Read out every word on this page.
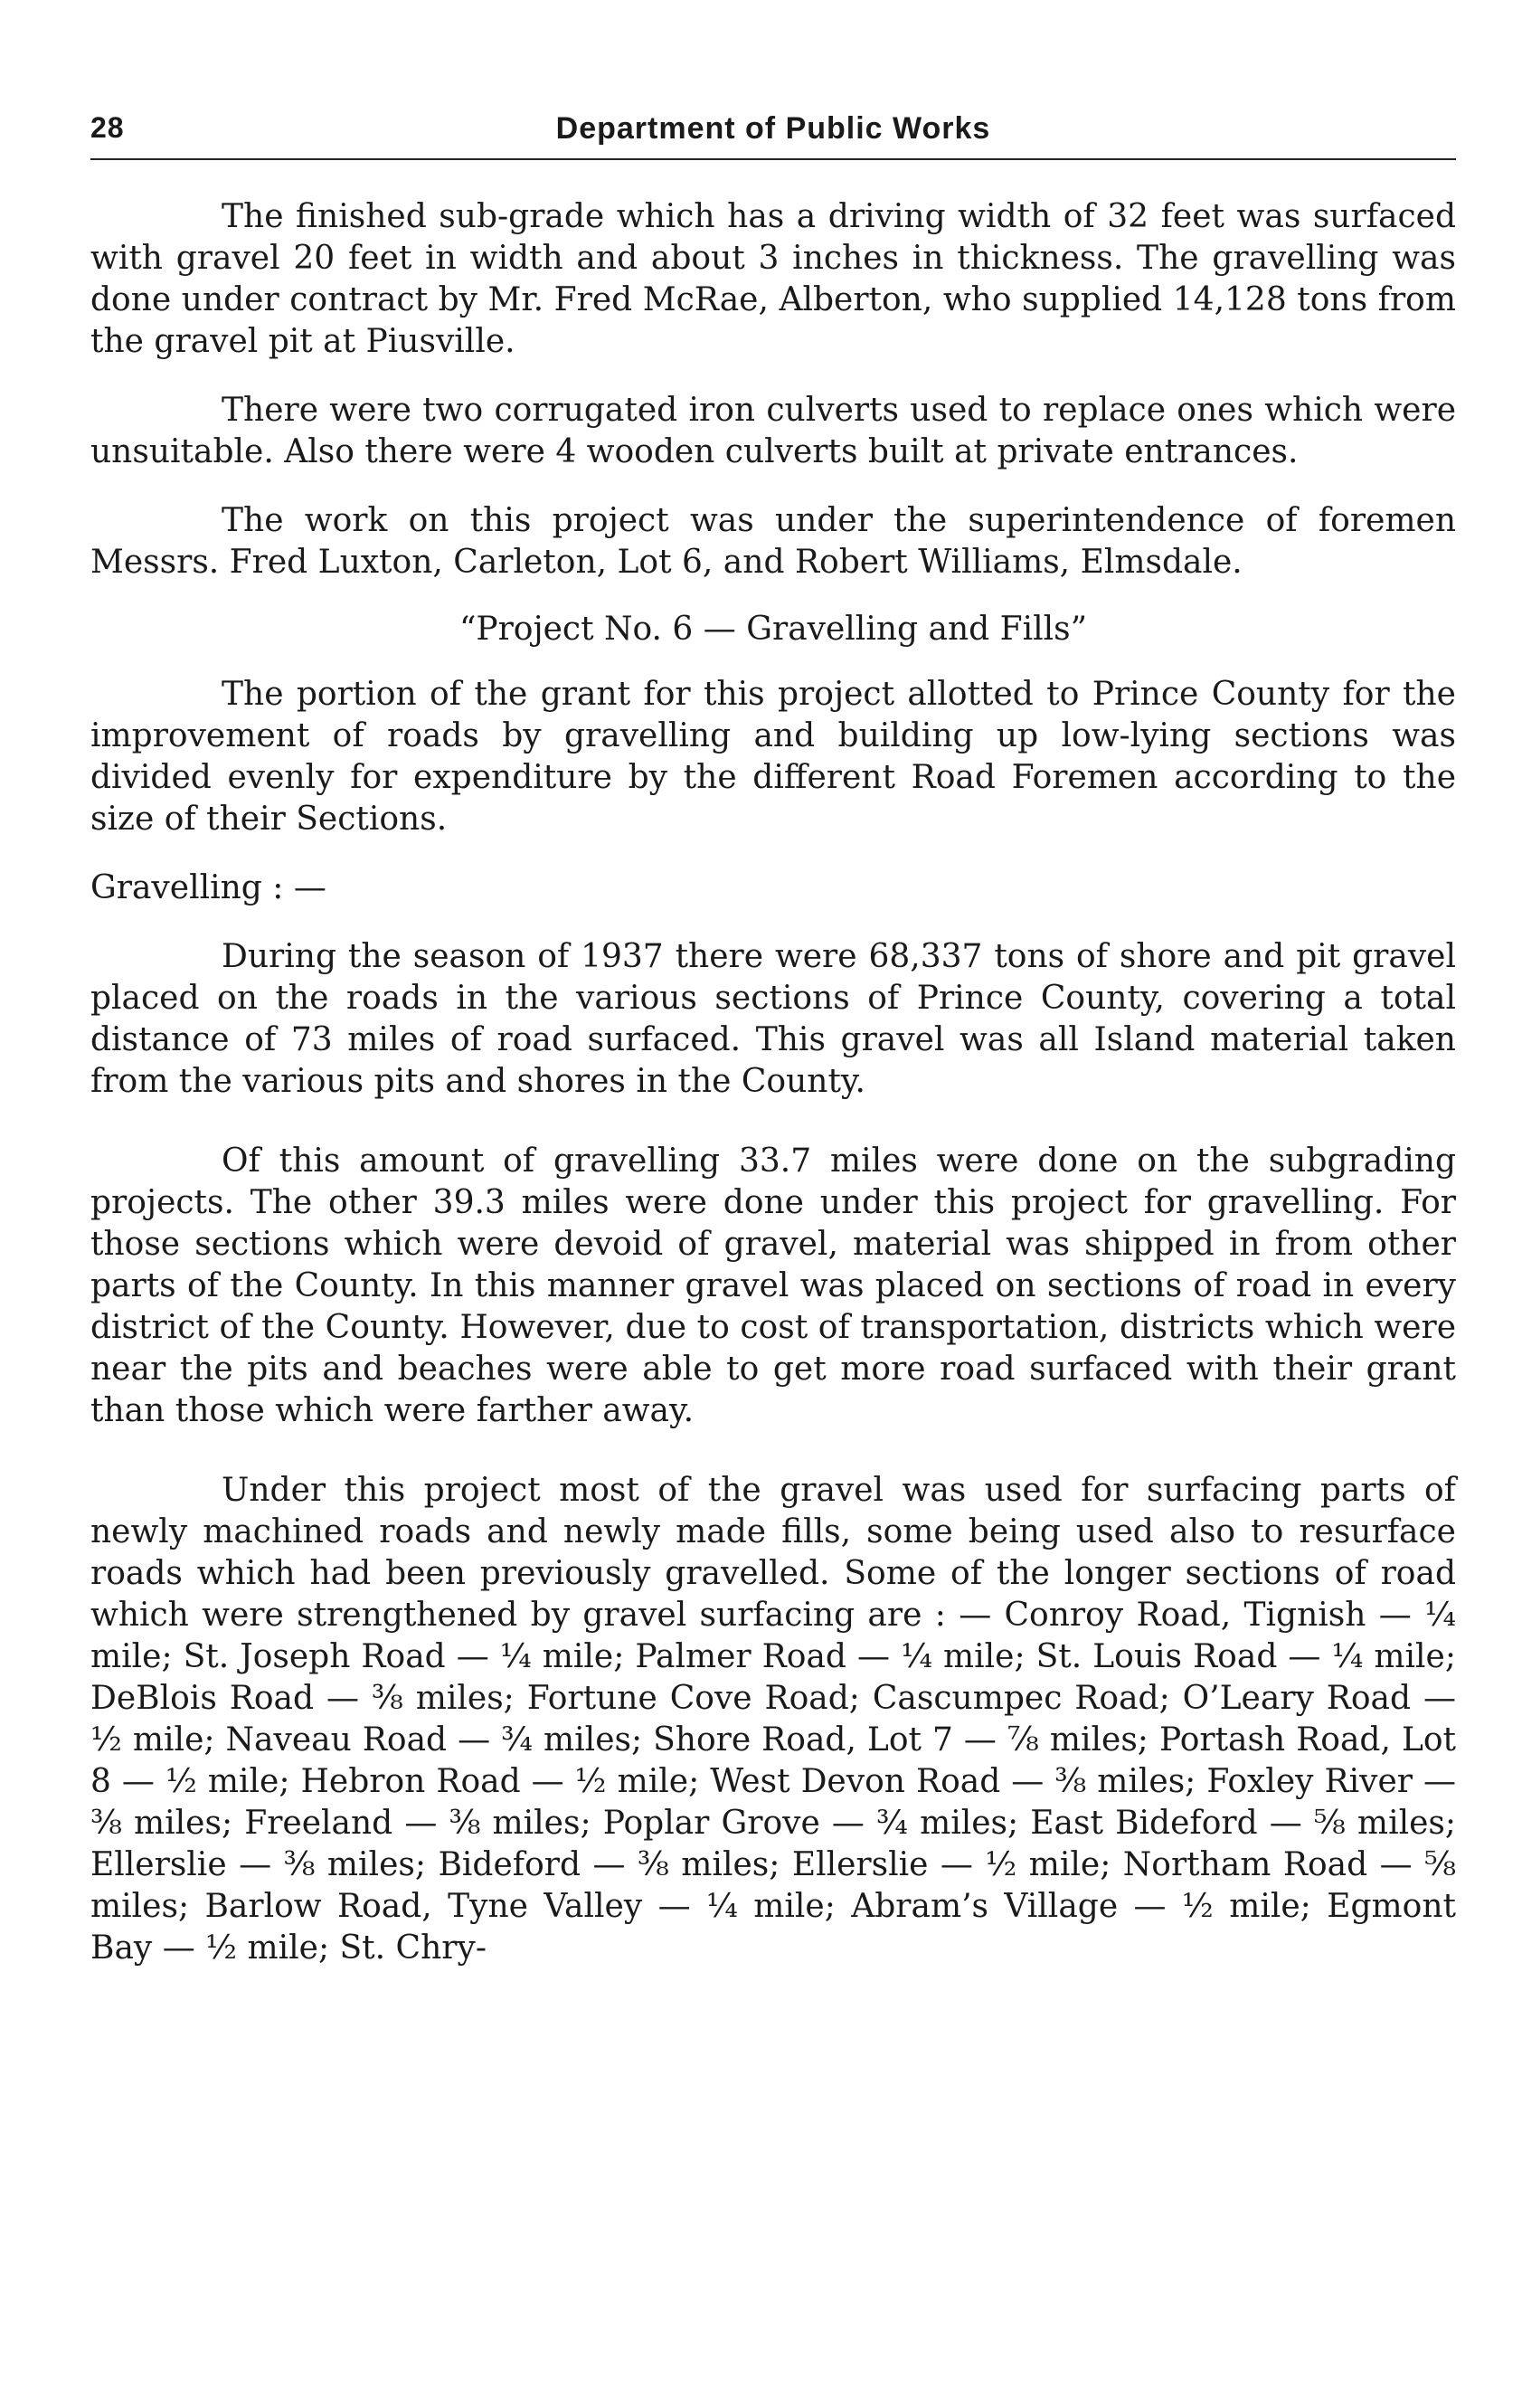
28	Department of Public Works

The finished sub-grade which has a driving width of 32 feet was surfaced with gravel 20 feet in width and about 3 inches in thickness. The gravelling was done under contract by Mr. Fred McRae, Alberton, who supplied 14,128 tons from the gravel pit at Piusville.

There were two corrugated iron culverts used to replace ones which were unsuitable. Also there were 4 wooden culverts built at private entrances.

The work on this project was under the superintendence of foremen Messrs. Fred Luxton, Carleton, Lot 6, and Robert Williams, Elmsdale.

“Project No. 6 — Gravelling and Fills”

The portion of the grant for this project allotted to Prince County for the improvement of roads by gravelling and building up low-lying sections was divided evenly for expenditure by the different Road Foremen according to the size of their Sections.

Gravelling : —

During the season of 1937 there were 68,337 tons of shore and pit gravel placed on the roads in the various sections of Prince County, covering a total distance of 73 miles of road surfaced. This gravel was all Island material taken from the various pits and shores in the County.

Of this amount of gravelling 33.7 miles were done on the subgrading projects. The other 39.3 miles were done under this project for gravelling. For those sections which were devoid of gravel, material was shipped in from other parts of the County. In this manner gravel was placed on sections of road in every district of the County. However, due to cost of transportation, districts which were near the pits and beaches were able to get more road surfaced with their grant than those which were farther away.

Under this project most of the gravel was used for surfacing parts of newly machined roads and newly made fills, some being used also to resurface roads which had been previously gravelled. Some of the longer sections of road which were strengthened by gravel surfacing are : — Conroy Road, Tignish — ¼ mile; St. Joseph Road — ¼ mile; Palmer Road — ¼ mile; St. Louis Road — ¼ mile; DeBlois Road — ⅜ miles; Fortune Cove Road; Cascumpec Road; O’Leary Road — ½ mile; Naveau Road — ¾ miles; Shore Road, Lot 7 — ⅞ miles; Portash Road, Lot 8 — ½ mile; Hebron Road — ½ mile; West Devon Road — ⅜ miles; Foxley River — ⅜ miles; Freeland — ⅜ miles; Poplar Grove — ¾ miles; East Bideford — ⅝ miles; Ellerslie — ⅜ miles; Bideford — ⅜ miles; Ellerslie — ½ mile; Northam Road — ⅝ miles; Barlow Road, Tyne Valley — ¼ mile; Abram’s Village — ½ mile; Egmont Bay — ½ mile; St. Chry-
